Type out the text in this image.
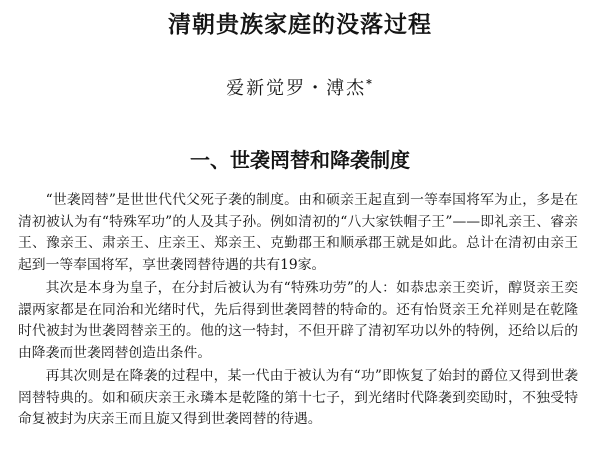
清朝贵族家庭的没落过程
爱新觉罗・溥杰*
一、世袭罔替和降袭制度

“世袭罔替”是世世代代父死子袭的制度。由和硕亲王起直到一等奉国将军为止，多是在清初被认为有“特殊军功”的人及其子孙。例如清初的“八大家铁帽子王”——即礼亲王、睿亲王、豫亲王、肃亲王、庄亲王、郑亲王、克勤郡王和顺承郡王就是如此。总计在清初由亲王起到一等奉国将军，享世袭罔替待遇的共有19家。

其次是本身为皇子，在分封后被认为有“特殊功劳”的人：如恭忠亲王奕䜣，醇贤亲王奕譞两家都是在同治和光绪时代，先后得到世袭罔替的特命的。还有怡贤亲王允祥则是在乾隆时代被封为世袭罔替亲王的。他的这一特封，不但开辟了清初军功以外的特例，还给以后的由降袭而世袭罔替创造出条件。

再其次则是在降袭的过程中，某一代由于被认为有“功”即恢复了始封的爵位又得到世袭罔替特典的。如和硕庆亲王永璘本是乾隆的第十七子，到光绪时代降袭到奕劻时，不独受特命复被封为庆亲王而且旋又得到世袭罔替的待遇。
